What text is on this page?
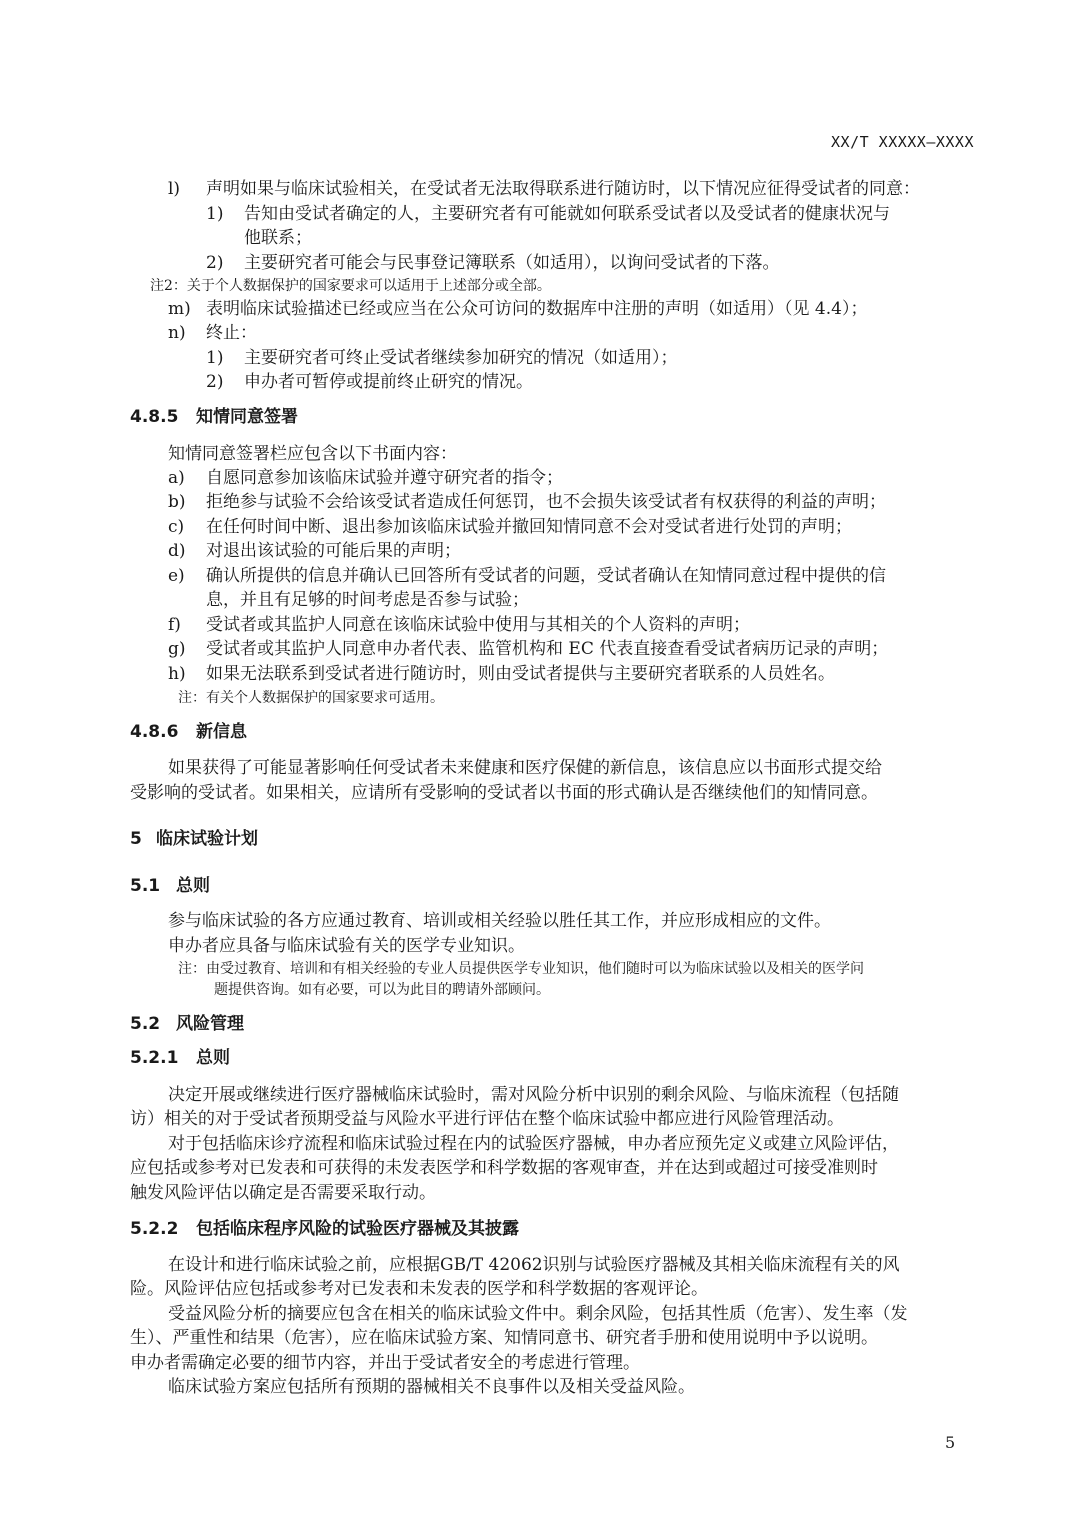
XX/T XXXXX—XXXX
l) 声明如果与临床试验相关，在受试者无法取得联系进行随访时，以下情况应征得受试者的同意：
1) 告知由受试者确定的人，主要研究者有可能就如何联系受试者以及受试者的健康状况与
他联系；
2) 主要研究者可能会与民事登记簿联系（如适用），以询问受试者的下落。
注2：关于个人数据保护的国家要求可以适用于上述部分或全部。
m) 表明临床试验描述已经或应当在公众可访问的数据库中注册的声明（如适用）（见 4.4）；
n) 终止：
1) 主要研究者可终止受试者继续参加研究的情况（如适用）；
2) 申办者可暂停或提前终止研究的情况。
4.8.5 知情同意签署
知情同意签署栏应包含以下书面内容：
a) 自愿同意参加该临床试验并遵守研究者的指令；
b) 拒绝参与试验不会给该受试者造成任何惩罚，也不会损失该受试者有权获得的利益的声明；
c) 在任何时间中断、退出参加该临床试验并撤回知情同意不会对受试者进行处罚的声明；
d) 对退出该试验的可能后果的声明；
e) 确认所提供的信息并确认已回答所有受试者的问题，受试者确认在知情同意过程中提供的信
息，并且有足够的时间考虑是否参与试验；
f) 受试者或其监护人同意在该临床试验中使用与其相关的个人资料的声明；
g) 受试者或其监护人同意申办者代表、监管机构和 EC 代表直接查看受试者病历记录的声明；
h) 如果无法联系到受试者进行随访时，则由受试者提供与主要研究者联系的人员姓名。
注：有关个人数据保护的国家要求可适用。
4.8.6 新信息
如果获得了可能显著影响任何受试者未来健康和医疗保健的新信息，该信息应以书面形式提交给
受影响的受试者。如果相关，应请所有受影响的受试者以书面的形式确认是否继续他们的知情同意。
5 临床试验计划
5.1 总则
参与临床试验的各方应通过教育、培训或相关经验以胜任其工作，并应形成相应的文件。
申办者应具备与临床试验有关的医学专业知识。
注：由受过教育、培训和有相关经验的专业人员提供医学专业知识，他们随时可以为临床试验以及相关的医学问
题提供咨询。如有必要，可以为此目的聘请外部顾问。
5.2 风险管理
5.2.1 总则
决定开展或继续进行医疗器械临床试验时，需对风险分析中识别的剩余风险、与临床流程（包括随
访）相关的对于受试者预期受益与风险水平进行评估在整个临床试验中都应进行风险管理活动。
对于包括临床诊疗流程和临床试验过程在内的试验医疗器械，申办者应预先定义或建立风险评估，
应包括或参考对已发表和可获得的未发表医学和科学数据的客观审查，并在达到或超过可接受准则时
触发风险评估以确定是否需要采取行动。
5.2.2 包括临床程序风险的试验医疗器械及其披露
在设计和进行临床试验之前，应根据GB/T 42062识别与试验医疗器械及其相关临床流程有关的风
险。风险评估应包括或参考对已发表和未发表的医学和科学数据的客观评论。
受益风险分析的摘要应包含在相关的临床试验文件中。剩余风险，包括其性质（危害）、发生率（发
生）、严重性和结果（危害），应在临床试验方案、知情同意书、研究者手册和使用说明中予以说明。
申办者需确定必要的细节内容，并出于受试者安全的考虑进行管理。
临床试验方案应包括所有预期的器械相关不良事件以及相关受益风险。
5
